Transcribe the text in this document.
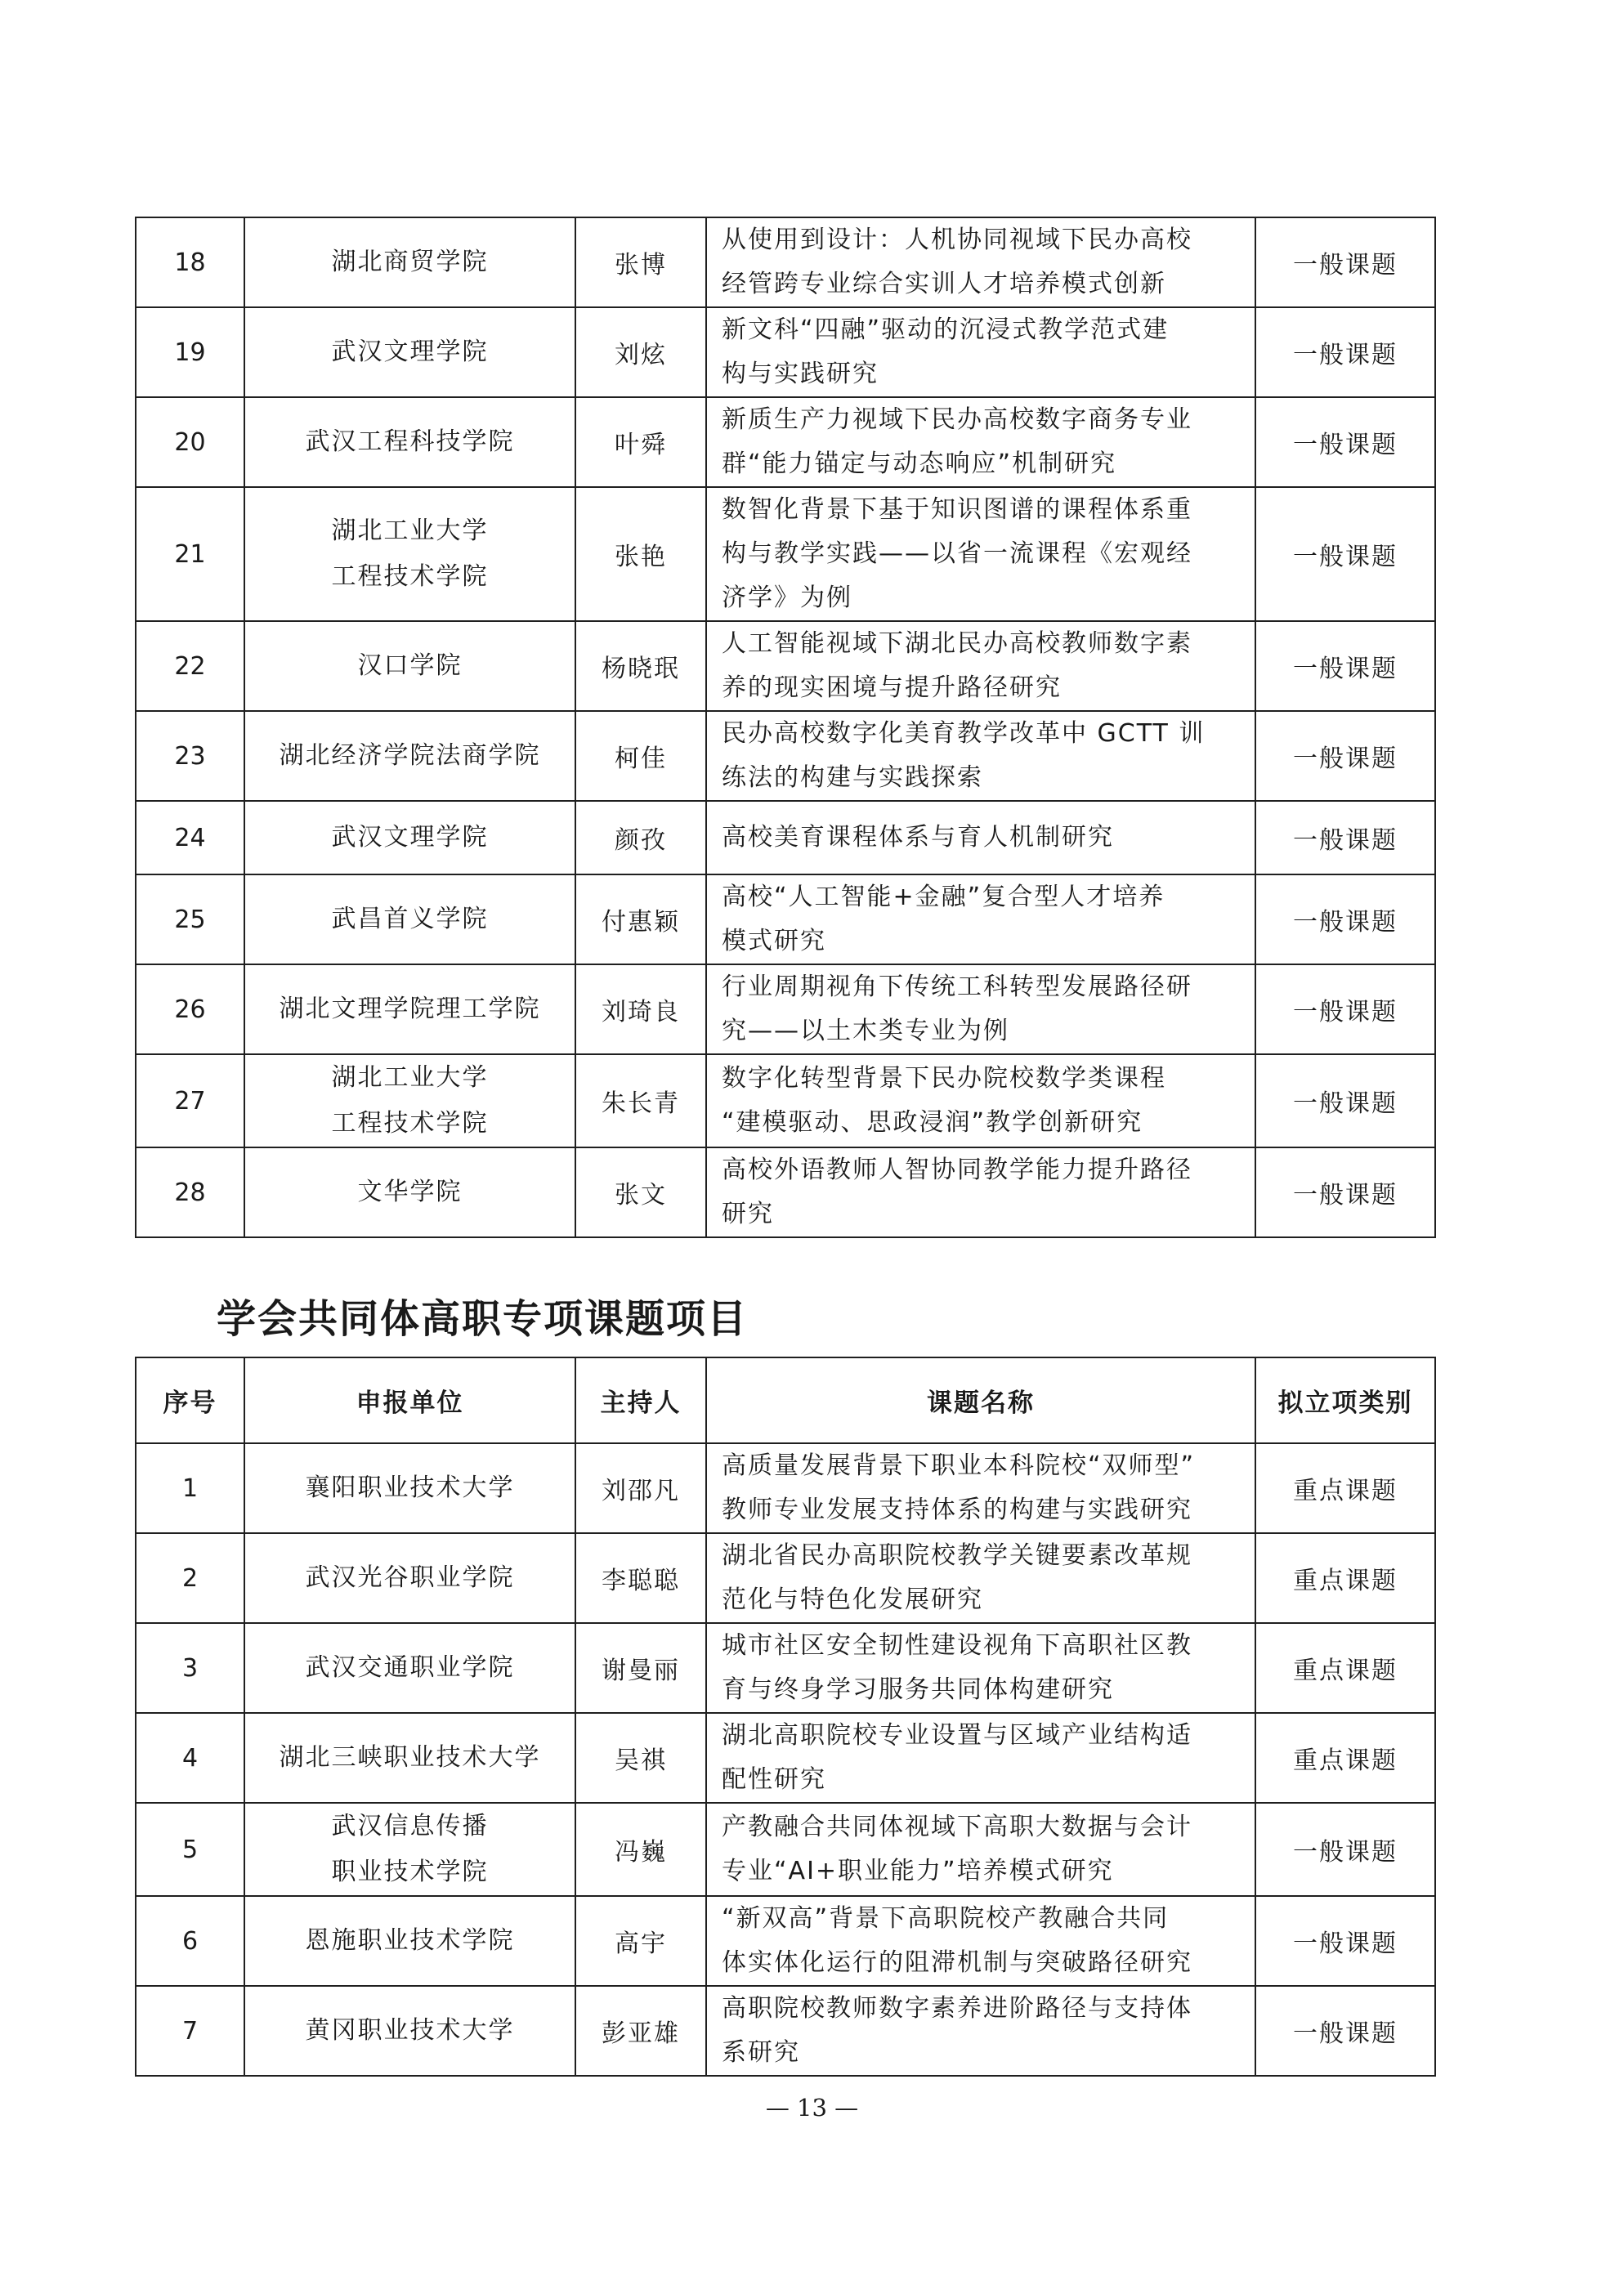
18	湖北商贸学院	张博	从使用到设计：人机协同视域下民办高校
经管跨专业综合实训人才培养模式创新	一般课题
19	武汉文理学院	刘炫	新文科“四融”驱动的沉浸式教学范式建
构与实践研究	一般课题
20	武汉工程科技学院	叶舜	新质生产力视域下民办高校数字商务专业
群“能力锚定与动态响应”机制研究	一般课题
21	湖北工业大学
工程技术学院	张艳	数智化背景下基于知识图谱的课程体系重
构与教学实践——以省一流课程《宏观经
济学》为例	一般课题
22	汉口学院	杨晓珉	人工智能视域下湖北民办高校教师数字素
养的现实困境与提升路径研究	一般课题
23	湖北经济学院法商学院	柯佳	民办高校数字化美育教学改革中 GCTT 训
练法的构建与实践探索	一般课题
24	武汉文理学院	颜孜	高校美育课程体系与育人机制研究	一般课题
25	武昌首义学院	付惠颖	高校“人工智能+金融”复合型人才培养
模式研究	一般课题
26	湖北文理学院理工学院	刘琦良	行业周期视角下传统工科转型发展路径研
究——以土木类专业为例	一般课题
27	湖北工业大学
工程技术学院	朱长青	数字化转型背景下民办院校数学类课程
“建模驱动、思政浸润”教学创新研究	一般课题
28	文华学院	张文	高校外语教师人智协同教学能力提升路径
研究	一般课题
学会共同体高职专项课题项目
序号	申报单位	主持人	课题名称	拟立项类别
1	襄阳职业技术大学	刘邵凡	高质量发展背景下职业本科院校“双师型”
教师专业发展支持体系的构建与实践研究	重点课题
2	武汉光谷职业学院	李聪聪	湖北省民办高职院校教学关键要素改革规
范化与特色化发展研究	重点课题
3	武汉交通职业学院	谢曼丽	城市社区安全韧性建设视角下高职社区教
育与终身学习服务共同体构建研究	重点课题
4	湖北三峡职业技术大学	吴祺	湖北高职院校专业设置与区域产业结构适
配性研究	重点课题
5	武汉信息传播
职业技术学院	冯巍	产教融合共同体视域下高职大数据与会计
专业“AI+职业能力”培养模式研究	一般课题
6	恩施职业技术学院	高宇	“新双高”背景下高职院校产教融合共同
体实体化运行的阻滞机制与突破路径研究	一般课题
7	黄冈职业技术大学	彭亚雄	高职院校教师数字素养进阶路径与支持体
系研究	一般课题
— 13 —
